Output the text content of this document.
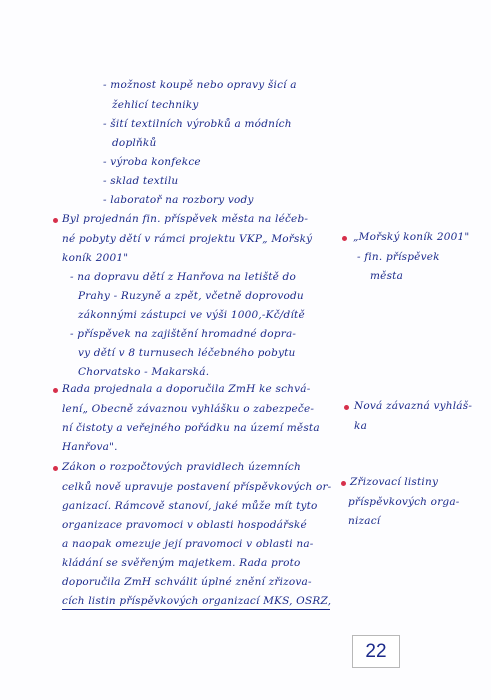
- možnost koupě nebo opravy šicí a
žehlicí techniky
- šití textilních výrobků a módních
doplňků
- výroba konfekce
- sklad textilu
- laboratoř na rozbory vody
Byl projednán fin. příspěvek města na léčeb-
né pobyty dětí v rámci projektu VKP„ Mořský
koník 2001"
- na dopravu dětí z Hanřova na letiště do
Prahy - Ruzyně a zpět, včetně doprovodu
zákonnými zástupci ve výši 1000,-Kč/dítě
- příspěvek na zajištění hromadné dopra-
vy dětí v 8 turnusech léčebného pobytu
Chorvatsko - Makarská.
Rada projednala a doporučila ZmH ke schvá-
lení„ Obecně závaznou vyhlášku o zabezpeče-
ní čistoty a veřejného pořádku na území města
Hanřova".
Zákon o rozpočtových pravidlech územních
celků nově upravuje postavení příspěvkových or-
ganizací. Rámcově stanoví, jaké může mít tyto
organizace pravomoci v oblasti hospodářské
a naopak omezuje její pravomoci v oblasti na-
kládání se svěřeným majetkem. Rada proto
doporučila ZmH schválit úplné znění zřizova-
cích listin příspěvkových organizací MKS, OSRZ,
„Mořský koník 2001"
- fin. příspěvek
města
Nová závazná vyhláš-
ka
Zřizovací listiny
příspěvkových orga-
nizací
22
